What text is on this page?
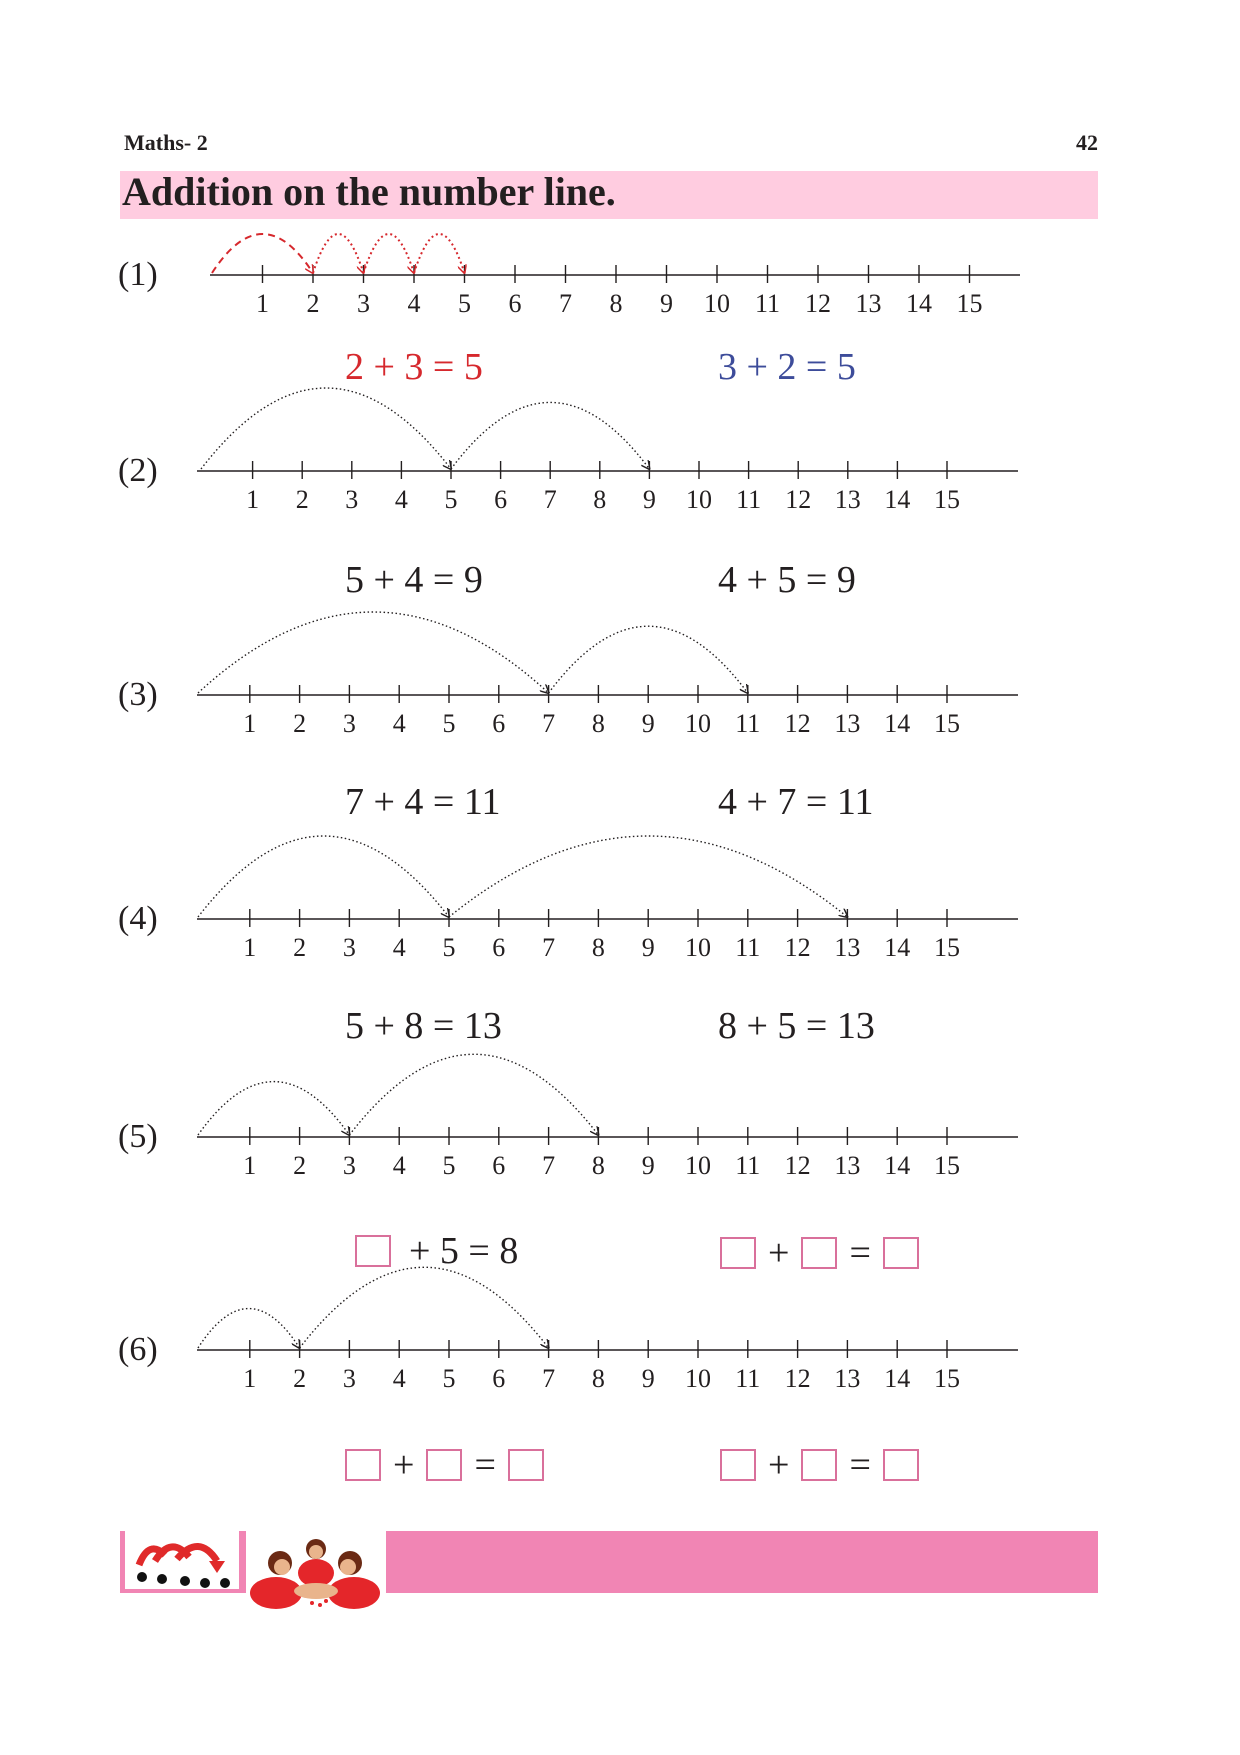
Maths- 2	42
Addition on the number line.
(1)
1 2 3 4 5 6 7 8 9 10 11 12 13 14 15
(2)
1 2 3 4 5 6 7 8 9 10 11 12 13 14 15
(3)
1 2 3 4 5 6 7 8 9 10 11 12 13 14 15
(4)
1 2 3 4 5 6 7 8 9 10 11 12 13 14 15
(5)
1 2 3 4 5 6 7 8 9 10 11 12 13 14 15
(6)
1 2 3 4 5 6 7 8 9 10 11 12 13 14 15
2 + 3 = 5	3 + 2 = 5
5 + 4 = 9	4 + 5 = 9
7 + 4 = 11	4 + 7 = 11
5 + 8 = 13	8 + 5 = 13
+ 5 = 8	+ =
+ =	+ =
